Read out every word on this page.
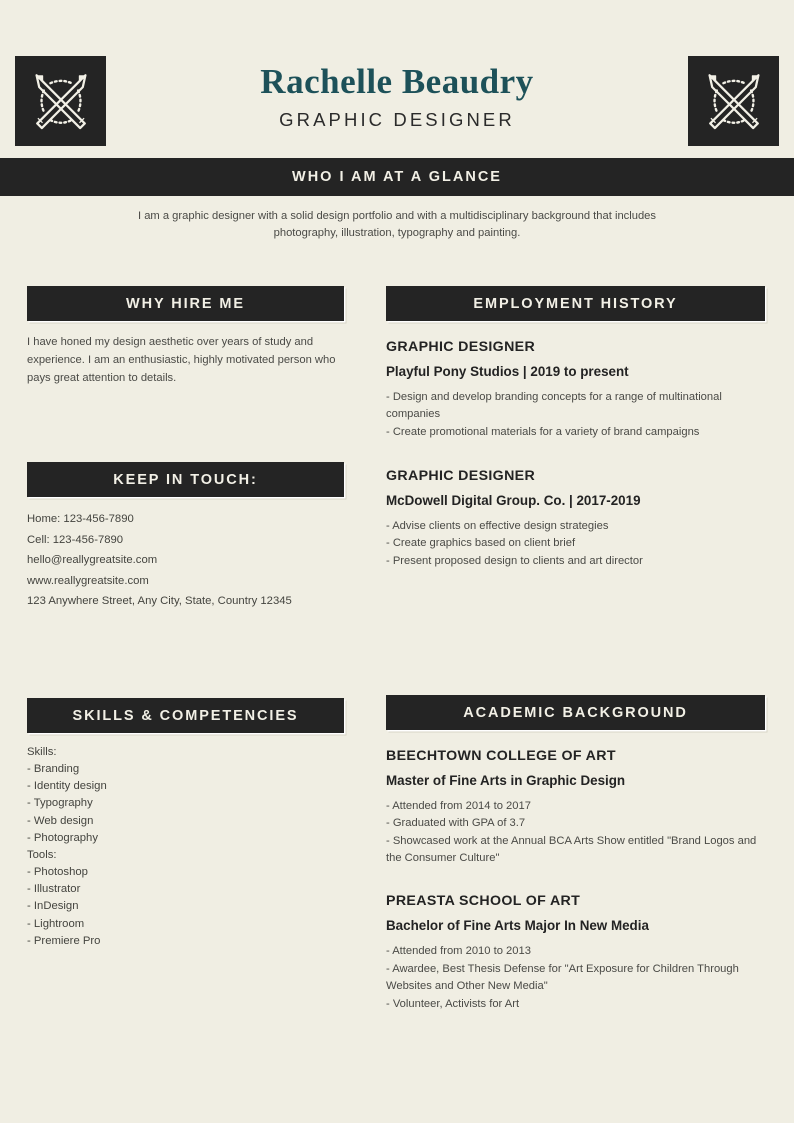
Rachelle Beaudry
GRAPHIC DESIGNER
WHO I AM AT A GLANCE
I am a graphic designer with a solid design portfolio and with a multidisciplinary background that includes photography, illustration, typography and painting.
WHY HIRE ME
I have honed my design aesthetic over years of study and experience. I am an enthusiastic, highly motivated person who pays great attention to details.
KEEP IN TOUCH:
Home: 123-456-7890
Cell: 123-456-7890
hello@reallygreatsite.com
www.reallygreatsite.com
123 Anywhere Street, Any City, State, Country 12345
SKILLS & COMPETENCIES
Skills:
- Branding
- Identity design
- Typography
- Web design
- Photography
Tools:
- Photoshop
- Illustrator
- InDesign
- Lightroom
- Premiere Pro
EMPLOYMENT HISTORY
GRAPHIC DESIGNER
Playful Pony Studios | 2019 to present
- Design and develop branding concepts for a range of multinational companies
- Create promotional materials for a variety of brand campaigns
GRAPHIC DESIGNER
McDowell Digital Group. Co. | 2017-2019
- Advise clients on effective design strategies
- Create graphics based on client brief
- Present proposed design to clients and art director
ACADEMIC BACKGROUND
BEECHTOWN COLLEGE OF ART
Master of Fine Arts in Graphic Design
- Attended from 2014 to 2017
- Graduated with GPA of 3.7
- Showcased work at the Annual BCA Arts Show entitled "Brand Logos and the Consumer Culture"
PREASTA SCHOOL OF ART
Bachelor of Fine Arts Major In New Media
- Attended from 2010 to 2013
- Awardee, Best Thesis Defense for "Art Exposure for Children Through Websites and Other New Media"
- Volunteer, Activists for Art
